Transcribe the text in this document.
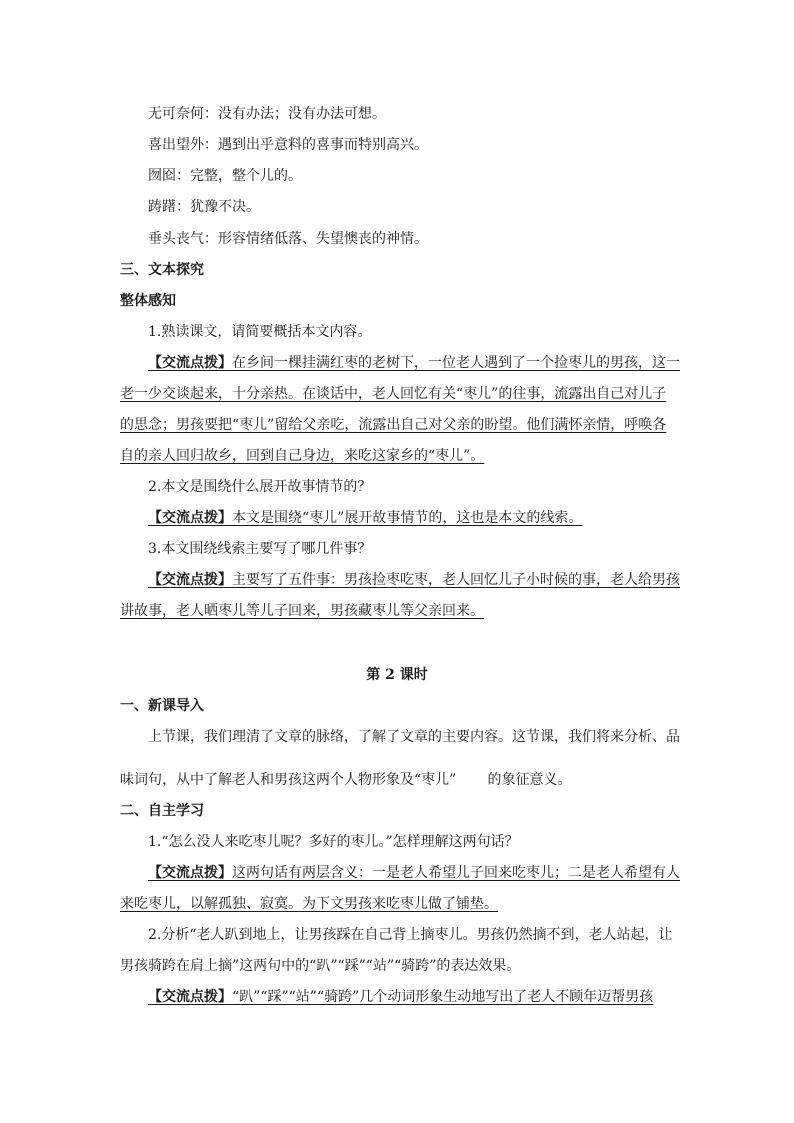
无可奈何：没有办法；没有办法可想。
喜出望外：遇到出乎意料的喜事而特别高兴。
囫囵：完整，整个儿的。
踌躇：犹豫不决。
垂头丧气：形容情绪低落、失望懊丧的神情。
三、文本探究
整体感知
1.熟读课文，请简要概括本文内容。
【交流点拨】在乡间一棵挂满红枣的老树下，一位老人遇到了一个捡枣儿的男孩，这一
老一少交谈起来，十分亲热。在谈话中，老人回忆有关“枣儿”的往事，流露出自己对儿子
的思念；男孩要把“枣儿”留给父亲吃，流露出自己对父亲的盼望。他们满怀亲情，呼唤各
自的亲人回归故乡，回到自己身边，来吃这家乡的“枣儿”。
2.本文是围绕什么展开故事情节的？
【交流点拨】本文是围绕“枣儿”展开故事情节的，这也是本文的线索。
3.本文围绕线索主要写了哪几件事？
【交流点拨】主要写了五件事：男孩捡枣吃枣，老人回忆儿子小时候的事，老人给男孩
讲故事，老人晒枣儿等儿子回来，男孩藏枣儿等父亲回来。
第 2 课时
一、新课导入
上节课，我们理清了文章的脉络，了解了文章的主要内容。这节课，我们将来分析、品
味词句，从中了解老人和男孩这两个人物形象及“枣儿”       的象征意义。
二、自主学习
1.“怎么没人来吃枣儿呢？多好的枣儿。”怎样理解这两句话？
【交流点拨】这两句话有两层含义：一是老人希望儿子回来吃枣儿；二是老人希望有人
来吃枣儿，以解孤独、寂寞。为下文男孩来吃枣儿做了铺垫。
2.分析“老人趴到地上，让男孩踩在自己背上摘枣儿。男孩仍然摘不到，老人站起，让
男孩骑跨在肩上摘”这两句中的“趴”“踩”“站”“骑跨”的表达效果。
【交流点拨】“趴”“踩”“站”“骑跨”几个动词形象生动地写出了老人不顾年迈帮男孩
